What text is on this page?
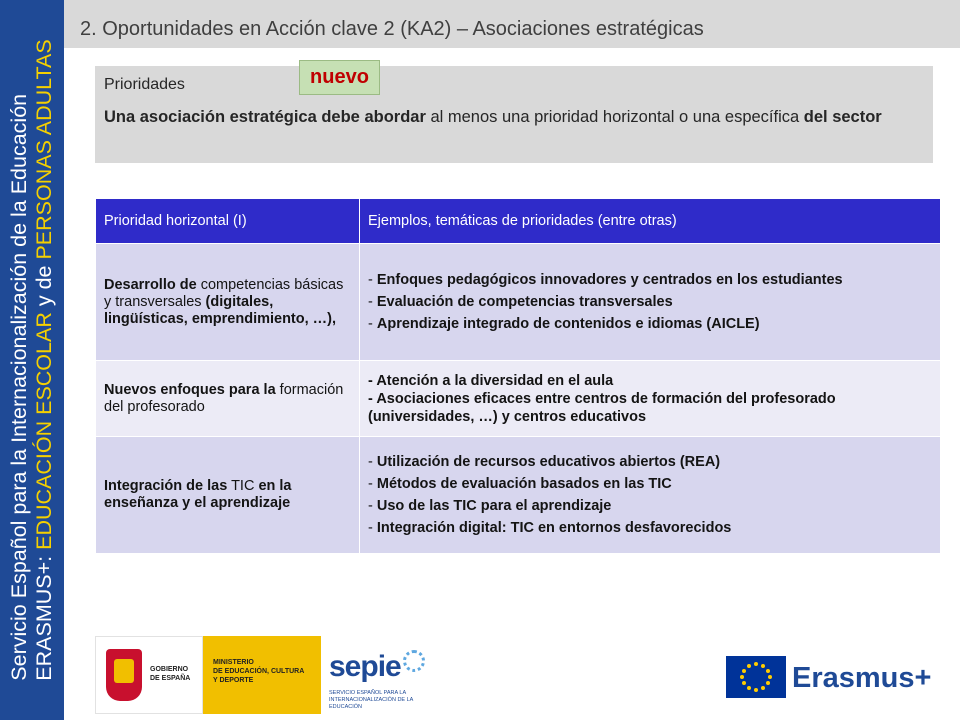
Servicio Español para la Internacionalización de la Educación ERASMUS+: EDUCACIÓN ESCOLAR y de PERSONAS ADULTAS
2. Oportunidades en Acción clave 2 (KA2) – Asociaciones estratégicas
Prioridades
Una asociación estratégica debe abordar al menos una prioridad horizontal o una específica del sector
nuevo
Prioridad horizontal (I)	Ejemplos, temáticas de prioridades (entre otras)
Desarrollo de competencias básicas y transversales (digitales, lingüísticas, emprendimiento, …),	- Enfoques pedagógicos innovadores y centrados en los estudiantes
- Evaluación de competencias transversales
- Aprendizaje integrado de contenidos e idiomas (AICLE)

Nuevos enfoques para la formación del profesorado	- Atención a la diversidad en el aula
- Asociaciones eficaces entre centros de formación del profesorado (universidades, …) y centros educativos

Integración de las TIC en la enseñanza y el aprendizaje	- Utilización de recursos educativos abiertos (REA)
- Métodos de evaluación basados en las TIC
- Uso de las TIC para el aprendizaje
- Integración digital: TIC en entornos desfavorecidos
GOBIERNO
DE ESPAÑA
MINISTERIO
DE EDUCACIÓN, CULTURA
Y DEPORTE	sepie
SERVICIO ESPAÑOL PARA LA INTERNACIONALIZACIÓN DE LA EDUCACIÓN
Erasmus+
